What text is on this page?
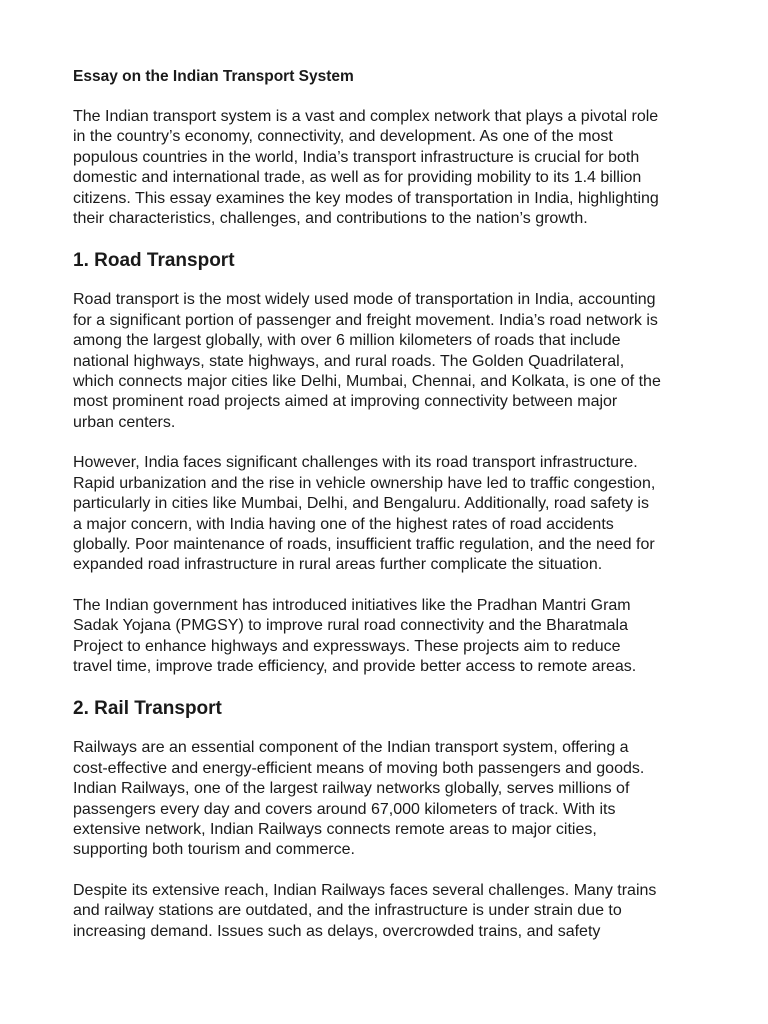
Essay on the Indian Transport System
The Indian transport system is a vast and complex network that plays a pivotal role
in the country’s economy, connectivity, and development. As one of the most
populous countries in the world, India’s transport infrastructure is crucial for both
domestic and international trade, as well as for providing mobility to its 1.4 billion
citizens. This essay examines the key modes of transportation in India, highlighting
their characteristics, challenges, and contributions to the nation’s growth.
1. Road Transport
Road transport is the most widely used mode of transportation in India, accounting
for a significant portion of passenger and freight movement. India’s road network is
among the largest globally, with over 6 million kilometers of roads that include
national highways, state highways, and rural roads. The Golden Quadrilateral,
which connects major cities like Delhi, Mumbai, Chennai, and Kolkata, is one of the
most prominent road projects aimed at improving connectivity between major
urban centers.
However, India faces significant challenges with its road transport infrastructure.
Rapid urbanization and the rise in vehicle ownership have led to traffic congestion,
particularly in cities like Mumbai, Delhi, and Bengaluru. Additionally, road safety is
a major concern, with India having one of the highest rates of road accidents
globally. Poor maintenance of roads, insufficient traffic regulation, and the need for
expanded road infrastructure in rural areas further complicate the situation.
The Indian government has introduced initiatives like the Pradhan Mantri Gram
Sadak Yojana (PMGSY) to improve rural road connectivity and the Bharatmala
Project to enhance highways and expressways. These projects aim to reduce
travel time, improve trade efficiency, and provide better access to remote areas.
2. Rail Transport
Railways are an essential component of the Indian transport system, offering a
cost-effective and energy-efficient means of moving both passengers and goods.
Indian Railways, one of the largest railway networks globally, serves millions of
passengers every day and covers around 67,000 kilometers of track. With its
extensive network, Indian Railways connects remote areas to major cities,
supporting both tourism and commerce.
Despite its extensive reach, Indian Railways faces several challenges. Many trains
and railway stations are outdated, and the infrastructure is under strain due to
increasing demand. Issues such as delays, overcrowded trains, and safety
